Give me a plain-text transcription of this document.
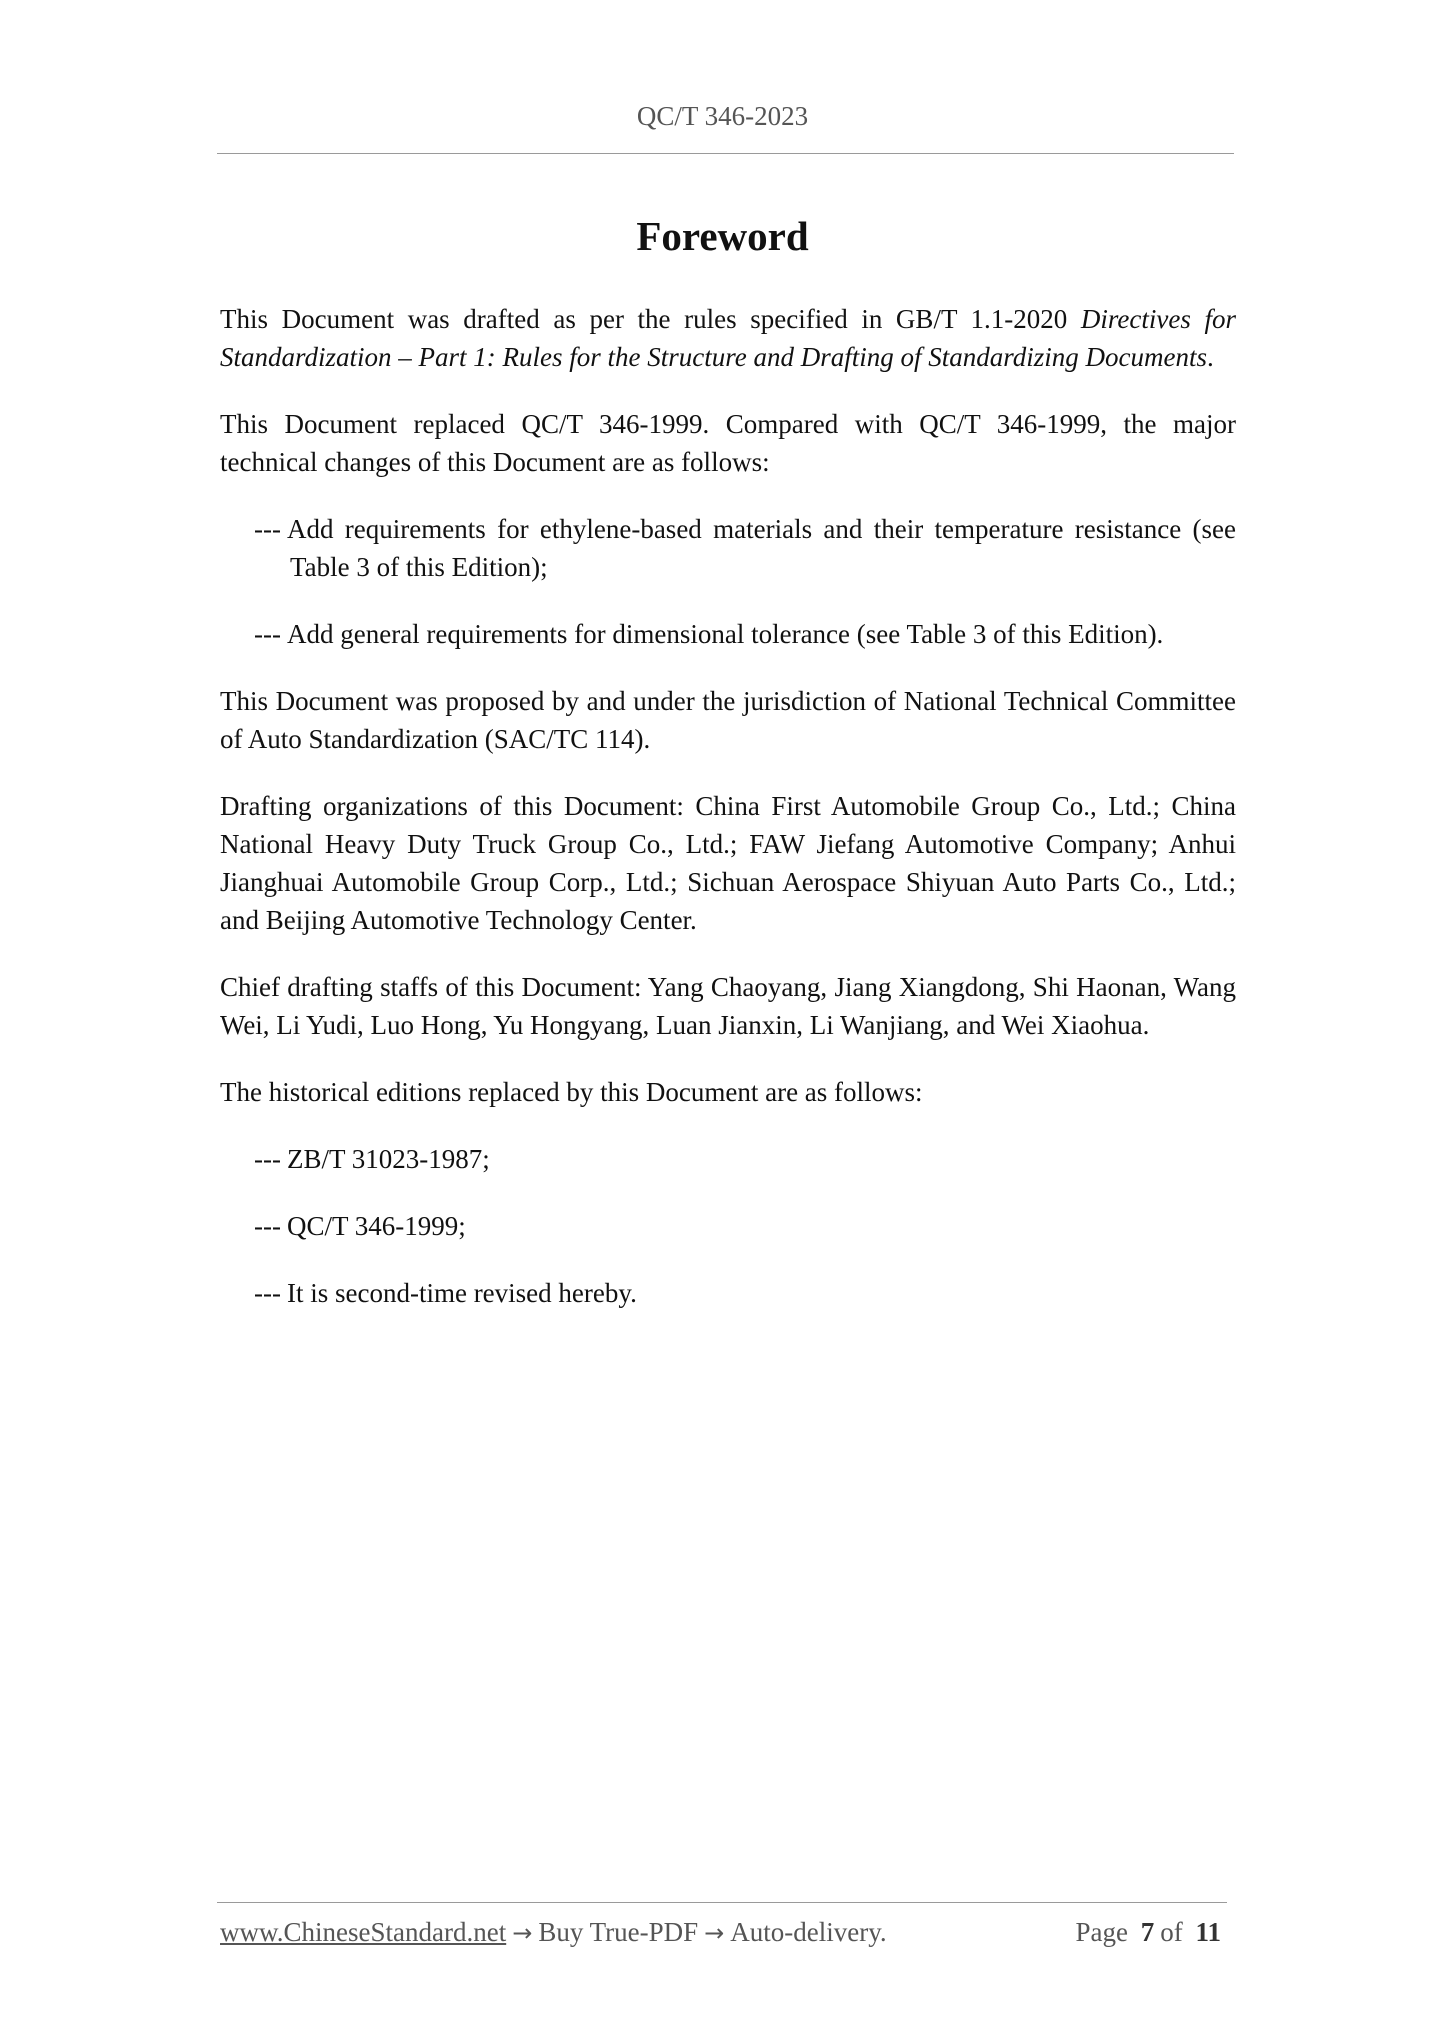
QC/T 346-2023
Foreword

This Document was drafted as per the rules specified in GB/T 1.1-2020 Directives for Standardization – Part 1: Rules for the Structure and Drafting of Standardizing Documents.

This Document replaced QC/T 346-1999. Compared with QC/T 346-1999, the major technical changes of this Document are as follows:

--- Add requirements for ethylene-based materials and their temperature resistance (see Table 3 of this Edition);

--- Add general requirements for dimensional tolerance (see Table 3 of this Edition).

This Document was proposed by and under the jurisdiction of National Technical Committee of Auto Standardization (SAC/TC 114).

Drafting organizations of this Document: China First Automobile Group Co., Ltd.; China National Heavy Duty Truck Group Co., Ltd.; FAW Jiefang Automotive Company; Anhui Jianghuai Automobile Group Corp., Ltd.; Sichuan Aerospace Shiyuan Auto Parts Co., Ltd.; and Beijing Automotive Technology Center.

Chief drafting staffs of this Document: Yang Chaoyang, Jiang Xiangdong, Shi Haonan, Wang Wei, Li Yudi, Luo Hong, Yu Hongyang, Luan Jianxin, Li Wanjiang, and Wei Xiaohua.

The historical editions replaced by this Document are as follows:

--- ZB/T 31023-1987;

--- QC/T 346-1999;

--- It is second-time revised hereby.

www.ChineseStandard.net → Buy True-PDF → Auto-delivery.	Page 7 of 11
